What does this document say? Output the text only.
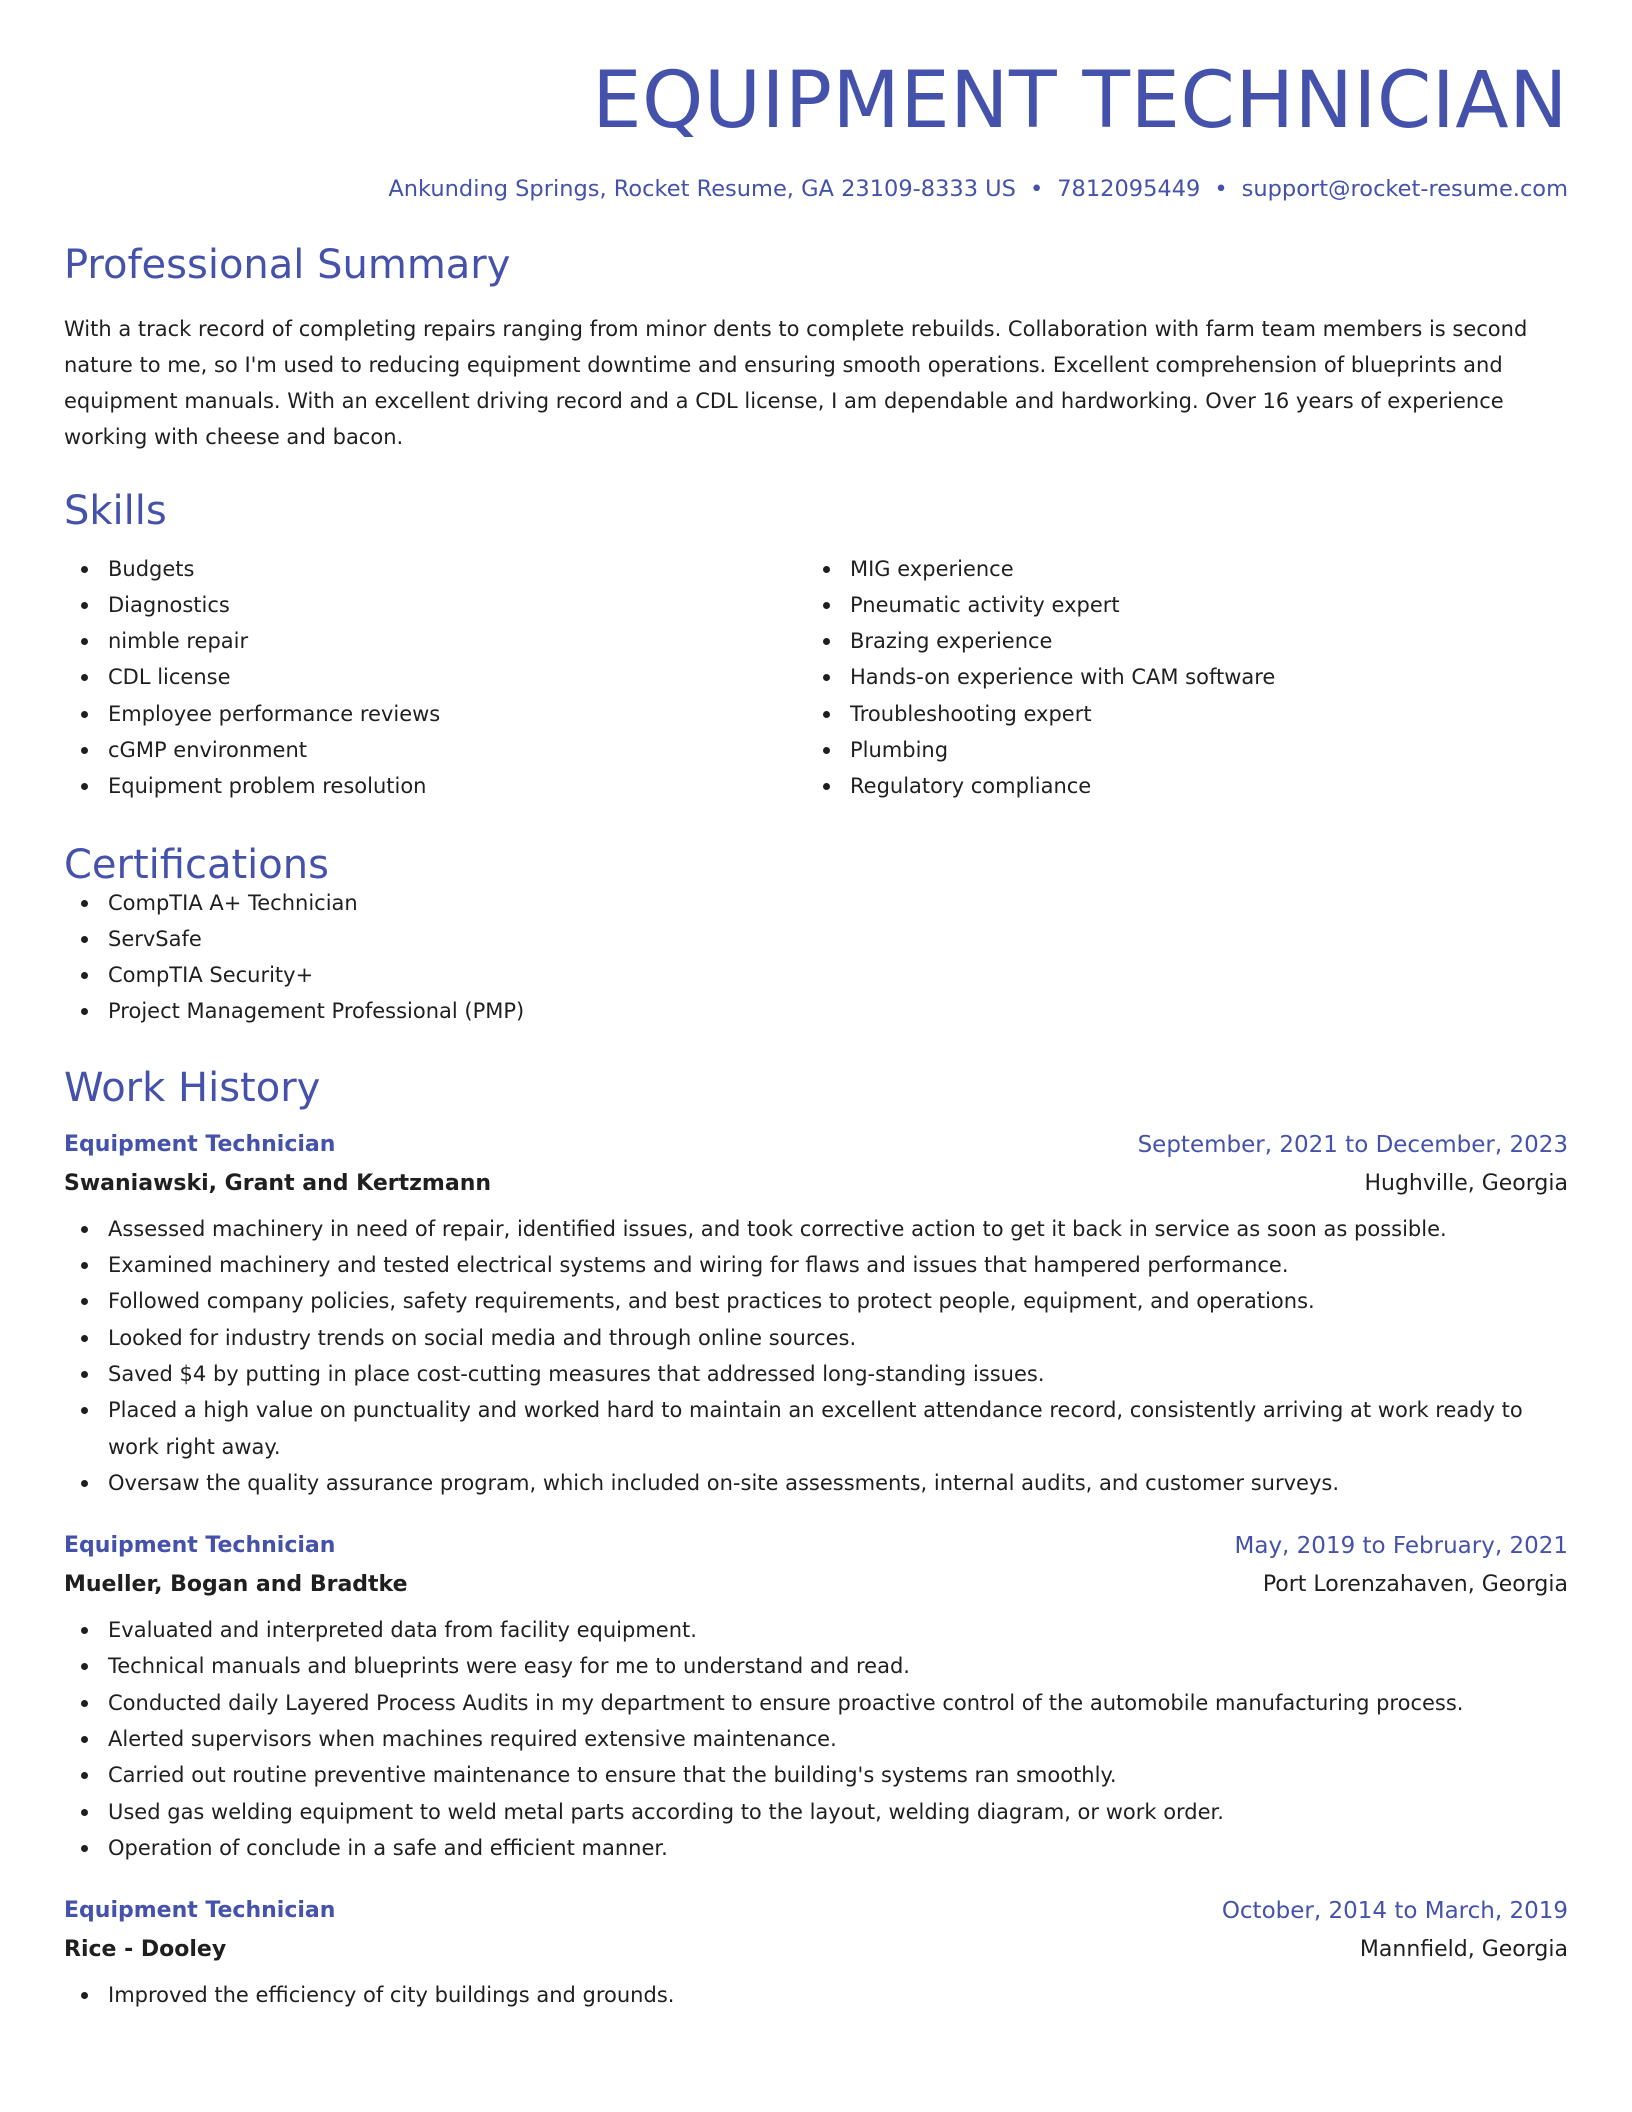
EQUIPMENT TECHNICIAN
Ankunding Springs, Rocket Resume, GA 23109-8333 US • 7812095449 • support@rocket-resume.com
Professional Summary

With a track record of completing repairs ranging from minor dents to complete rebuilds. Collaboration with farm team members is second nature to me, so I'm used to reducing equipment downtime and ensuring smooth operations. Excellent comprehension of blueprints and equipment manuals. With an excellent driving record and a CDL license, I am dependable and hardworking. Over 16 years of experience working with cheese and bacon.

Skills
Budgets
Diagnostics
nimble repair
CDL license
Employee performance reviews
cGMP environment
Equipment problem resolution
MIG experience
Pneumatic activity expert
Brazing experience
Hands-on experience with CAM software
Troubleshooting expert
Plumbing
Regulatory compliance
Certifications
CompTIA A+ Technician
ServSafe
CompTIA Security+
Project Management Professional (PMP)
Work History
Equipment Technician	September, 2021 to December, 2023
Swaniawski, Grant and Kertzmann	Hughville, Georgia
Assessed machinery in need of repair, identified issues, and took corrective action to get it back in service as soon as possible.
Examined machinery and tested electrical systems and wiring for flaws and issues that hampered performance.
Followed company policies, safety requirements, and best practices to protect people, equipment, and operations.
Looked for industry trends on social media and through online sources.
Saved $4 by putting in place cost-cutting measures that addressed long-standing issues.
Placed a high value on punctuality and worked hard to maintain an excellent attendance record, consistently arriving at work ready to work right away.
Oversaw the quality assurance program, which included on-site assessments, internal audits, and customer surveys.
Equipment Technician	May, 2019 to February, 2021
Mueller, Bogan and Bradtke	Port Lorenzahaven, Georgia
Evaluated and interpreted data from facility equipment.
Technical manuals and blueprints were easy for me to understand and read.
Conducted daily Layered Process Audits in my department to ensure proactive control of the automobile manufacturing process.
Alerted supervisors when machines required extensive maintenance.
Carried out routine preventive maintenance to ensure that the building's systems ran smoothly.
Used gas welding equipment to weld metal parts according to the layout, welding diagram, or work order.
Operation of conclude in a safe and efficient manner.
Equipment Technician	October, 2014 to March, 2019
Rice - Dooley	Mannfield, Georgia
Improved the efficiency of city buildings and grounds.
